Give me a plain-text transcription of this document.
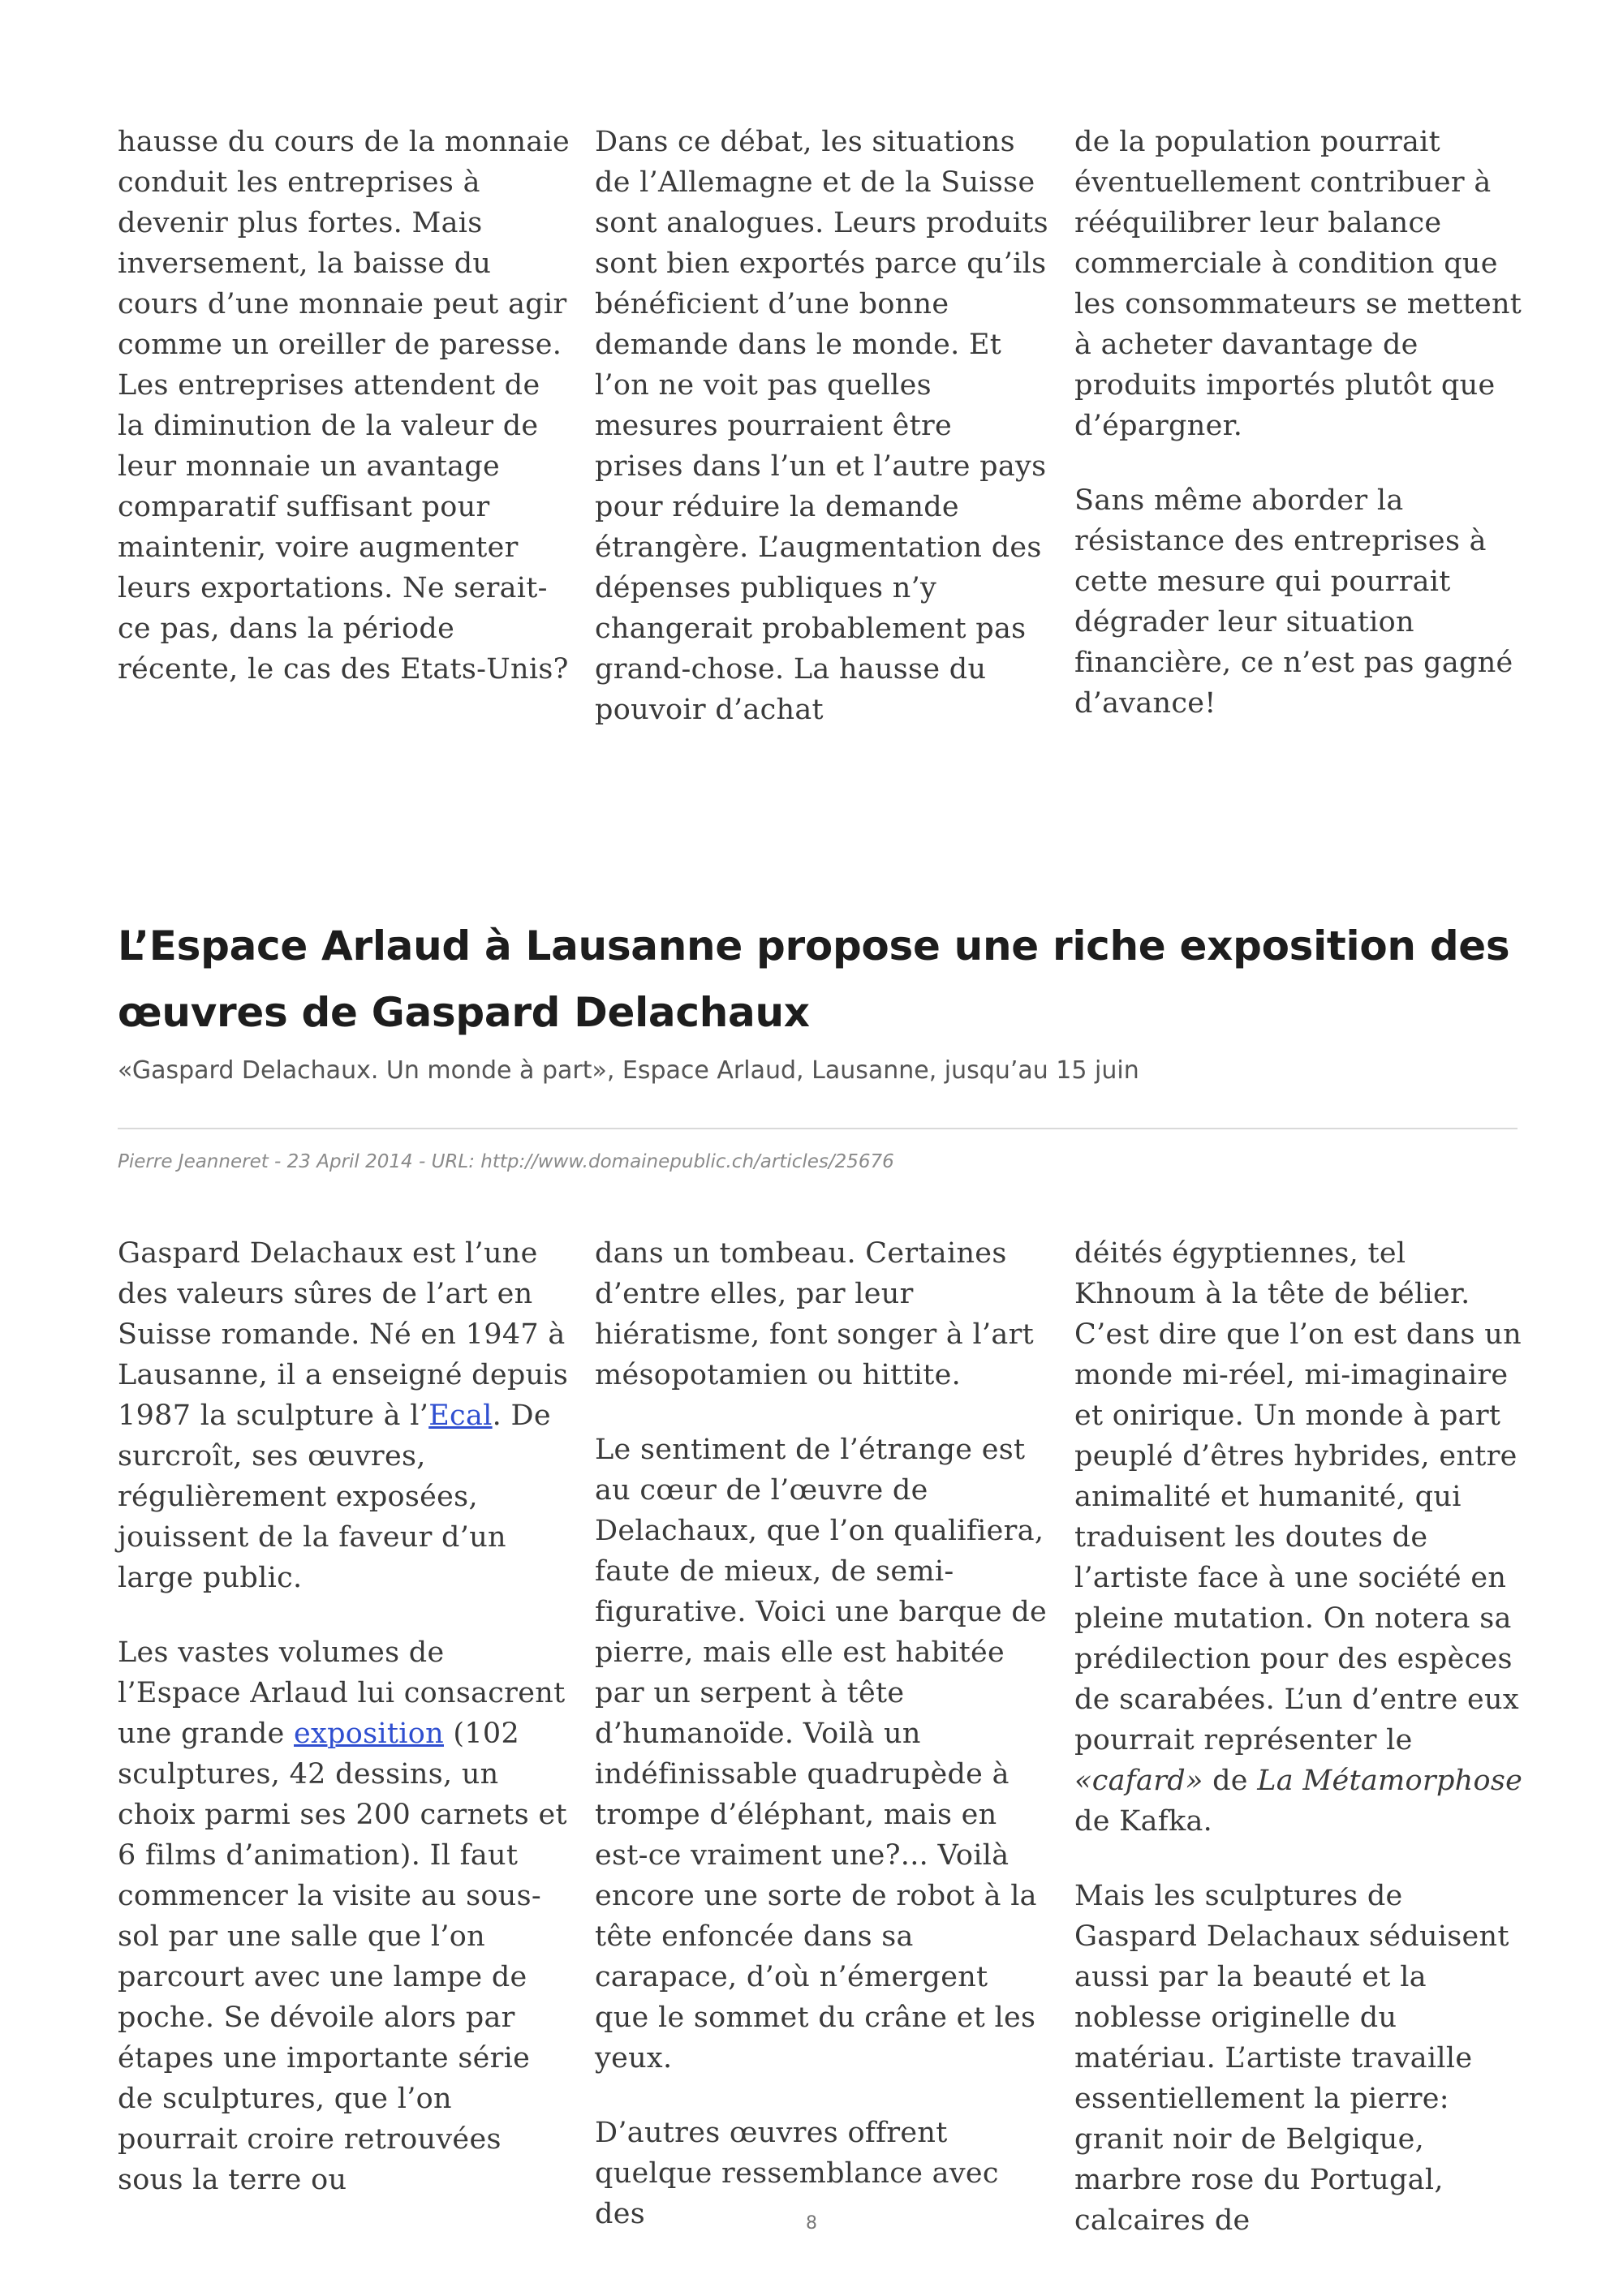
hausse du cours de la monnaie conduit les entreprises à devenir plus fortes. Mais inversement, la baisse du cours d’une monnaie peut agir comme un oreiller de paresse. Les entreprises attendent de la diminution de la valeur de leur monnaie un avantage comparatif suffisant pour maintenir, voire augmenter leurs exportations. Ne serait-ce pas, dans la période récente, le cas des Etats-Unis?

Dans ce débat, les situations de l’Allemagne et de la Suisse sont analogues. Leurs produits sont bien exportés parce qu’ils bénéficient d’une bonne demande dans le monde. Et l’on ne voit pas quelles mesures pourraient être prises dans l’un et l’autre pays pour réduire la demande étrangère. L’augmentation des dépenses publiques n’y changerait probablement pas grand-chose. La hausse du pouvoir d’achat

de la population pourrait éventuellement contribuer à rééquilibrer leur balance commerciale à condition que les consommateurs se mettent à acheter davantage de produits importés plutôt que d’épargner.

Sans même aborder la résistance des entreprises à cette mesure qui pourrait dégrader leur situation financière, ce n’est pas gagné d’avance!

L’Espace Arlaud à Lausanne propose une riche exposition des œuvres de Gaspard Delachaux
«Gaspard Delachaux. Un monde à part», Espace Arlaud, Lausanne, jusqu’au 15 juin
Pierre Jeanneret - 23 April 2014 - URL: http://www.domainepublic.ch/articles/25676

Gaspard Delachaux est l’une des valeurs sûres de l’art en Suisse romande. Né en 1947 à Lausanne, il a enseigné depuis 1987 la sculpture à l’Ecal. De surcroît, ses œuvres, régulièrement exposées, jouissent de la faveur d’un large public.

Les vastes volumes de l’Espace Arlaud lui consacrent une grande exposition (102 sculptures, 42 dessins, un choix parmi ses 200 carnets et 6 films d’animation). Il faut commencer la visite au sous-sol par une salle que l’on parcourt avec une lampe de poche. Se dévoile alors par étapes une importante série de sculptures, que l’on pourrait croire retrouvées sous la terre ou

dans un tombeau. Certaines d’entre elles, par leur hiératisme, font songer à l’art mésopotamien ou hittite.

Le sentiment de l’étrange est au cœur de l’œuvre de Delachaux, que l’on qualifiera, faute de mieux, de semi-figurative. Voici une barque de pierre, mais elle est habitée par un serpent à tête d’humanoïde. Voilà un indéfinissable quadrupède à trompe d’éléphant, mais en est-ce vraiment une?... Voilà encore une sorte de robot à la tête enfoncée dans sa carapace, d’où n’émergent que le sommet du crâne et les yeux.

D’autres œuvres offrent quelque ressemblance avec des

déités égyptiennes, tel Khnoum à la tête de bélier. C’est dire que l’on est dans un monde mi-réel, mi-imaginaire et onirique. Un monde à part peuplé d’êtres hybrides, entre animalité et humanité, qui traduisent les doutes de l’artiste face à une société en pleine mutation. On notera sa prédilection pour des espèces de scarabées. L’un d’entre eux pourrait représenter le «cafard» de La Métamorphose de Kafka.

Mais les sculptures de Gaspard Delachaux séduisent aussi par la beauté et la noblesse originelle du matériau. L’artiste travaille essentiellement la pierre: granit noir de Belgique, marbre rose du Portugal, calcaires de

8
